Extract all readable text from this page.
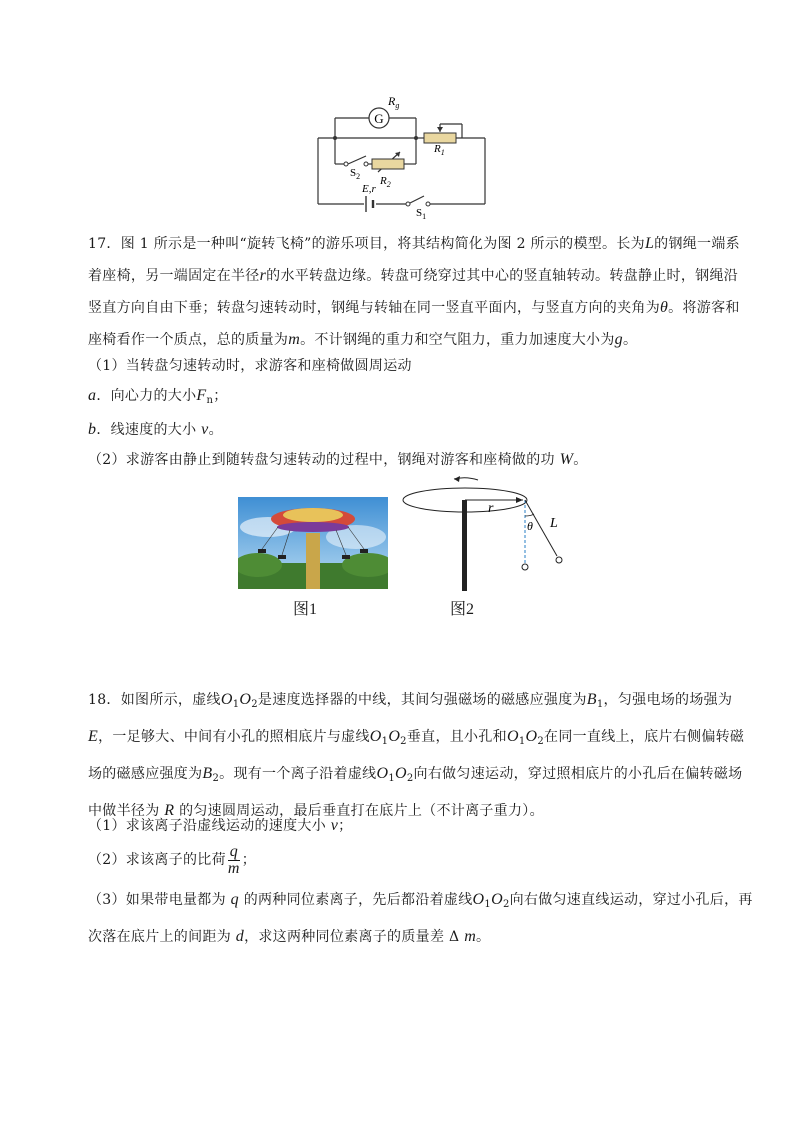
G
$R_g$
$R_1$
$R_2$
$S_2$
E,r
$S_1$
17．图 1 所示是一种叫“旋转飞椅”的游乐项目，将其结构简化为图 2 所示的模型。长为L的钢绳一端系
着座椅，另一端固定在半径r的水平转盘边缘。转盘可绕穿过其中心的竖直轴转动。转盘静止时，钢绳沿
竖直方向自由下垂；转盘匀速转动时，钢绳与转轴在同一竖直平面内，与竖直方向的夹角为θ。将游客和
座椅看作一个质点，总的质量为m。不计钢绳的重力和空气阻力，重力加速度大小为g。
（1）当转盘匀速转动时，求游客和座椅做圆周运动
a．向心力的大小$F_n$；
b．线速度的大小 v。
（2）求游客由静止到随转盘匀速转动的过程中，钢绳对游客和座椅做的功 W。
图1
r
θ L
图2
18．如图所示，虚线$O_1O_2$是速度选择器的中线，其间匀强磁场的磁感应强度为$B_1$，匀强电场的场强为
E，一足够大、中间有小孔的照相底片与虚线$O_1O_2$垂直，且小孔和$O_1O_2$在同一直线上，底片右侧偏转磁
场的磁感应强度为$B_2$。现有一个离子沿着虚线$O_1O_2$向右做匀速运动，穿过照相底片的小孔后在偏转磁场
中做半径为 R 的匀速圆周运动，最后垂直打在底片上（不计离子重力）。
（1）求该离子沿虚线运动的速度大小 v；
（2）求该离子的比荷 $\frac{q}{m}$ ；
（3）如果带电量都为 q 的两种同位素离子，先后都沿着虚线$O_1O_2$向右做匀速直线运动，穿过小孔后，再
次落在底片上的间距为 d，求这两种同位素离子的质量差 Δ m。
